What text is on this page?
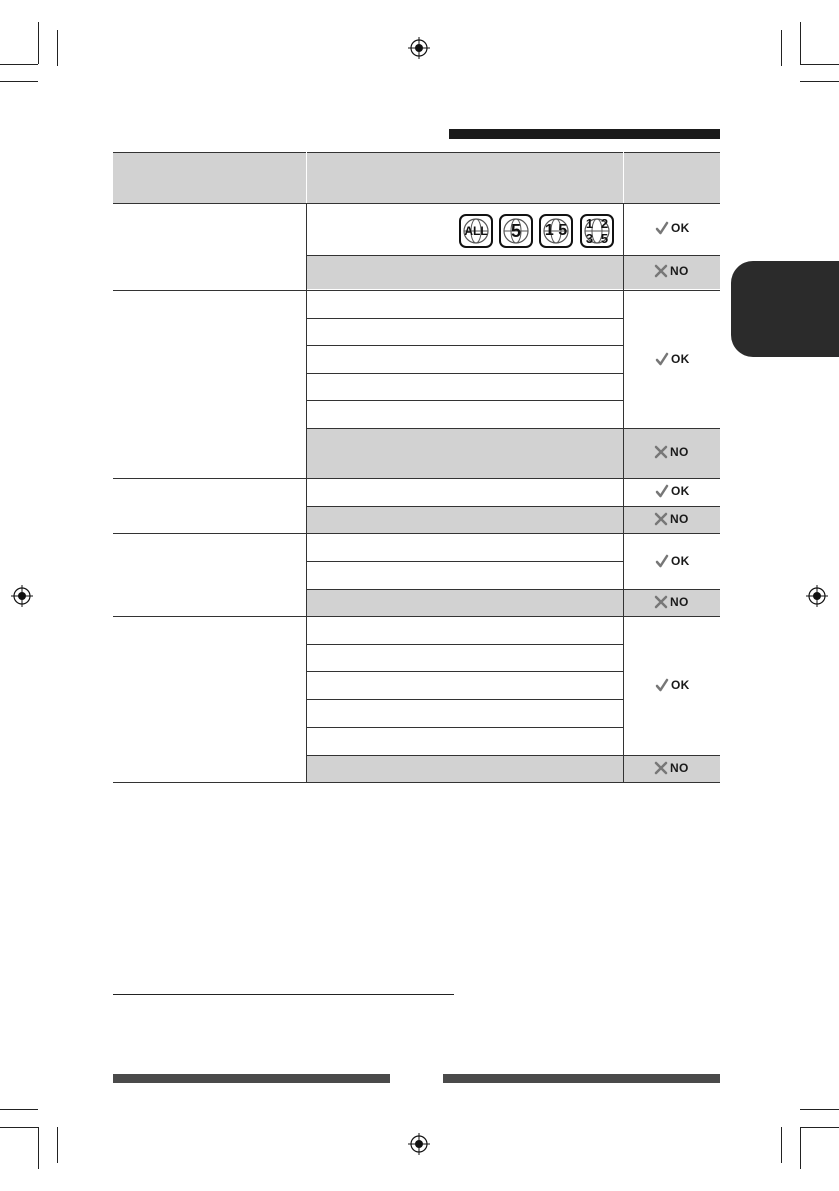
ALL	5	1 5 1 2
3 5
OK
NO
OK
NO
OK
NO
OK
NO
OK
NO
